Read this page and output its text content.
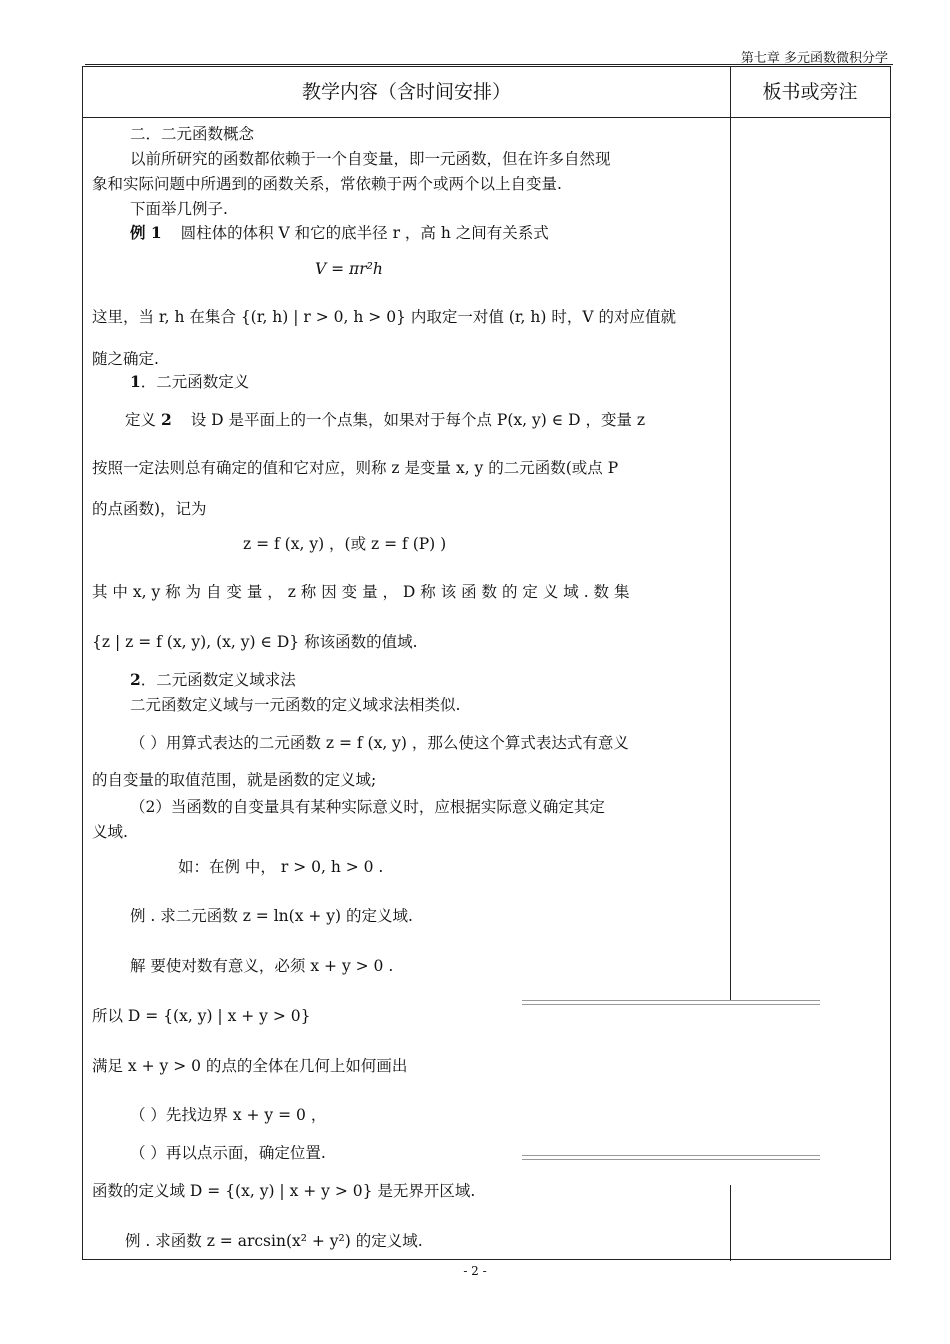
第七章 多元函数微积分学
教学内容（含时间安排）	板书或旁注
二．二元函数概念
以前所研究的函数都依赖于一个自变量，即一元函数，但在许多自然现
象和实际问题中所遇到的函数关系，常依赖于两个或两个以上自变量.
下面举几例子.
例 1 圆柱体的体积 V 和它的底半径 r ，高 h 之间有关系式
V = πr²h
这里，当 r, h 在集合 {(r, h) | r > 0, h > 0} 内取定一对值 (r, h) 时，V 的对应值就
随之确定.
1．二元函数定义
定义 2 设 D 是平面上的一个点集，如果对于每个点 P(x, y) ∈ D ，变量 z
按照一定法则总有确定的值和它对应，则称 z 是变量 x, y 的二元函数(或点 P
的点函数)，记为
z = f (x, y) ，(或 z = f (P) )
其 中 x, y 称 为 自 变 量 ， z 称 因 变 量 ， D 称 该 函 数 的 定 义 域 . 数 集
{z | z = f (x, y), (x, y) ∈ D} 称该函数的值域.
2．二元函数定义域求法
二元函数定义域与一元函数的定义域求法相类似.
（ ）用算式表达的二元函数 z = f (x, y) ，那么使这个算式表达式有意义
的自变量的取值范围，就是函数的定义域;
（2）当函数的自变量具有某种实际意义时，应根据实际意义确定其定
义域.
如：在例 中， r > 0, h > 0 .
例 . 求二元函数 z = ln(x + y) 的定义域.
解 要使对数有意义，必须 x + y > 0 .
所以 D = {(x, y) | x + y > 0}
满足 x + y > 0 的点的全体在几何上如何画出
（ ）先找边界 x + y = 0 ，
（ ）再以点示面，确定位置.
函数的定义域 D = {(x, y) | x + y > 0} 是无界开区域.
例 . 求函数 z = arcsin(x² + y²) 的定义域.
- 2 -
